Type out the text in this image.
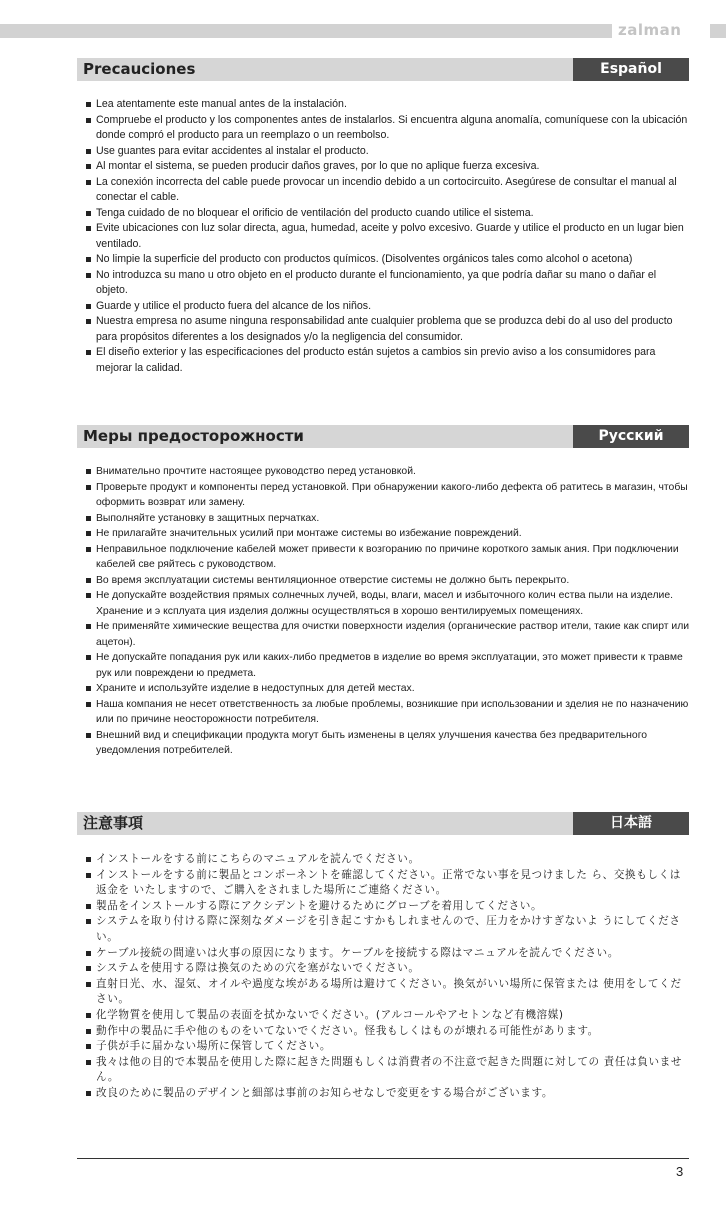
zalman
Precauciones	Español
Lea atentamente este manual antes de la instalación.
Compruebe el producto y los componentes antes de instalarlos. Si encuentra alguna anomalía, comuníquese con la ubicación donde compró el producto para un reemplazo o un reembolso.
Use guantes para evitar accidentes al instalar el producto.
Al montar el sistema, se pueden producir daños graves, por lo que no aplique fuerza excesiva.
La conexión incorrecta del cable puede provocar un incendio debido a un cortocircuito. Asegúrese de consultar el manual al conectar el cable.
Tenga cuidado de no bloquear el orificio de ventilación del producto cuando utilice el sistema.
Evite ubicaciones con luz solar directa, agua, humedad, aceite y polvo excesivo. Guarde y utilice el producto en un lugar bien ventilado.
No limpie la superficie del producto con productos químicos. (Disolventes orgánicos tales como alcohol o acetona)
No introduzca su mano u otro objeto en el producto durante el funcionamiento, ya que podría dañar su mano o dañar el objeto.
Guarde y utilice el producto fuera del alcance de los niños.
Nuestra empresa no asume ninguna responsabilidad ante cualquier problema que se produzca debi do al uso del producto para propósitos diferentes a los designados y/o la negligencia del consumidor.
El diseño exterior y las especificaciones del producto están sujetos a cambios sin previo aviso a los consumidores para mejorar la calidad.
Меры предосторожности	Русский
Внимательно прочтите настоящее руководство перед установкой.
Проверьте продукт и компоненты перед установкой. При обнаружении какого-либо дефекта об ратитесь в магазин, чтобы оформить возврат или замену.
Выполняйте установку в защитных перчатках.
Не прилагайте значительных усилий при монтаже системы во избежание повреждений.
Неправильное подключение кабелей может привести к возгоранию по причине короткого замык ания. При подключении кабелей све ряйтесь с руководством.
Во время эксплуатации системы вентиляционное отверстие системы не должно быть перекрыто.
Не допускайте воздействия прямых солнечных лучей, воды, влаги, масел и избыточного колич ества пыли на изделие. Хранение и э ксплуата ция изделия должны осуществляться в хорошо вентилируемых помещениях.
Не применяйте химические вещества для очистки поверхности изделия (органические раствор ители, такие как спирт или ацетон).
Не допускайте попадания рук или каких-либо предметов в изделие во время эксплуатации, это может привести к травме рук или повреждени ю предмета.
Храните и используйте изделие в недоступных для детей местах.
Наша компания не несет ответственность за любые проблемы, возникшие при использовании и зделия не по назначению или по причине неосторожности потребителя.
Внешний вид и спецификации продукта могут быть изменены в целях улучшения качества без предварительного уведомления потребителей.
注意事項	日本語
インストールをする前にこちらのマニュアルを読んでください。
インストールをする前に製品とコンポーネントを確認してください。正常でない事を見つけました ら、交換もしくは返金を いたしますので、ご購入をされました場所にご連絡ください。
製品をインストールする際にアクシデントを避けるためにグローブを着用してください。
システムを取り付ける際に深刻なダメージを引き起こすかもしれませんので、圧力をかけすぎないよ うにしてください。
ケーブル接続の間違いは火事の原因になります。ケーブルを接続する際はマニュアルを読んでください。
システムを使用する際は換気のための穴を塞がないでください。
直射日光、水、湿気、オイルや過度な埃がある場所は避けてください。換気がいい場所に保管または 使用をしてください。
化学物質を使用して製品の表面を拭かないでください。(アルコールやアセトンなど有機溶媒)
動作中の製品に手や他のものをいてないでください。怪我もしくはものが壊れる可能性があります。
子供が手に届かない場所に保管してください。
我々は他の目的で本製品を使用した際に起きた問題もしくは消費者の不注意で起きた問題に対しての 責任は負いません。
改良のために製品のデザインと細部は事前のお知らせなしで変更をする場合がございます。
3
